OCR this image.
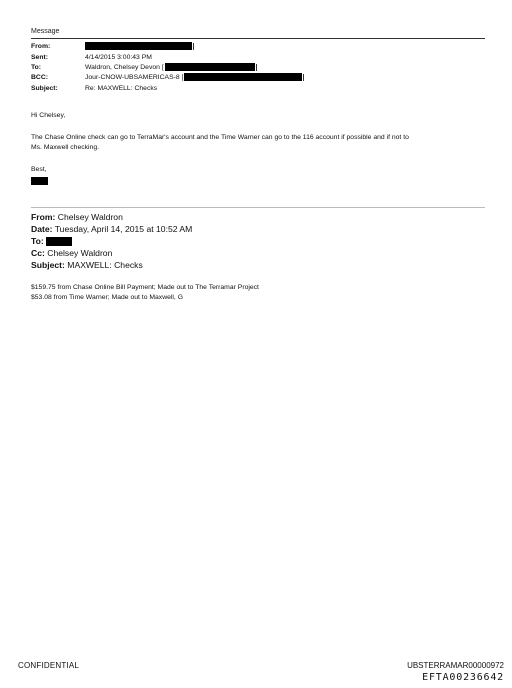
Message
From:
Sent:	4/14/2015 3:00:43 PM
To:	Waldron, Chelsey Devon [
BCC:	Jour-CNOW-UBSAMERICAS-8 [
Subject:	Re: MAXWELL: Checks
Hi Chelsey,
The Chase Online check can go to TerraMar's account and the Time Warner can go to the 116 account if possible and if not to
Ms. Maxwell checking.
Best,
From: Chelsey Waldron
Date: Tuesday, April 14, 2015 at 10:52 AM
To:
Cc: Chelsey Waldron
Subject: MAXWELL: Checks
$159.75 from Chase Online Bill Payment; Made out to The Terramar Project
$53.08 from Time Warner; Made out to Maxwell, G
CONFIDENTIAL	UBSTERRAMAR00000972
EFTA00236642
